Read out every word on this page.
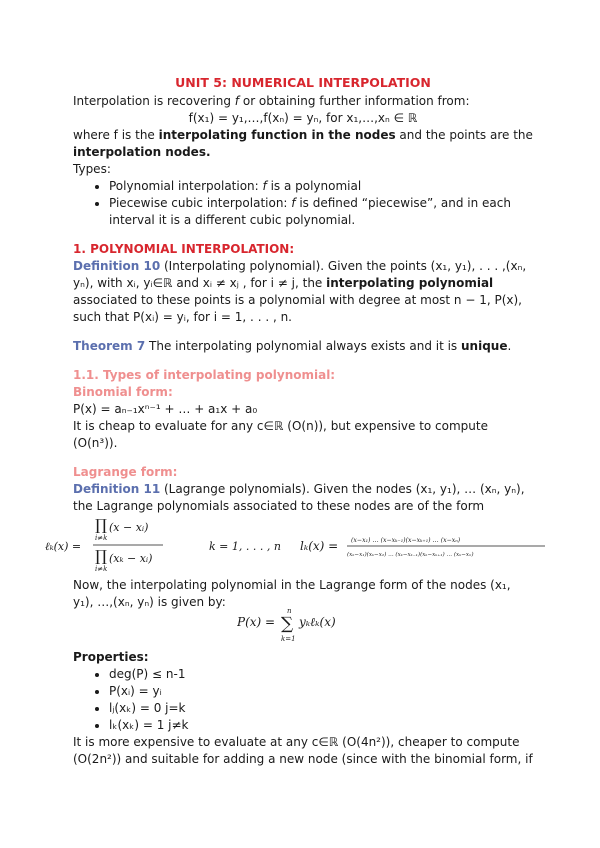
UNIT 5: NUMERICAL INTERPOLATION

Interpolation is recovering f or obtaining further information from:

f(x₁) = y₁,…,f(xₙ) = yₙ, for x₁,…,xₙ ∈ ℝ

where f is the interpolating function in the nodes and the points are the

interpolation nodes.

Types:

• Polynomial interpolation: f is a polynomial
• Piecewise cubic interpolation: f is defined “piecewise”, and in each interval it is a different cubic polynomial.

1. POLYNOMIAL INTERPOLATION:

Definition 10 (Interpolating polynomial). Given the points (x₁, y₁), . . . ,(xₙ, yₙ), with xᵢ, yᵢ∈ℝ and xᵢ ≠ xⱼ , for i ≠ j, the interpolating polynomial associated to these points is a polynomial with degree at most n − 1, P(x), such that P(xᵢ) = yᵢ, for i = 1, . . . , n.

Theorem 7 The interpolating polynomial always exists and it is unique.

1.1. Types of interpolating polynomial:

Binomial form:

P(x) = aₙ₋₁xⁿ⁻¹ + … + a₁x + a₀

It is cheap to evaluate for any c∈ℝ (O(n)), but expensive to compute (O(n³)).

Lagrange form:

Definition 11 (Lagrange polynomials). Given the nodes (x₁, y₁), … (xₙ, yₙ), the Lagrange polynomials associated to these nodes are of the form

ℓₖ(x) =
∏ (x − xᵢ)
i≠k
∏ (xₖ − xᵢ)
i≠k
k = 1, . . . , n lₖ(x) = (x−x₁) … (x−xₖ₋₁)(x−xₖ₊₁) … (x−xₙ)
(xₖ−x₁)(xₖ−x₂) … (xₖ−xₖ₋₁)(xₖ−xₖ₊₁) … (xₖ−xₙ)

Now, the interpolating polynomial in the Lagrange form of the nodes (x₁, y₁), …,(xₙ, yₙ) is given by:

P(x) =
n
∑
k=1
yₖℓₖ(x)

Properties:

• deg(P) ≤ n-1
• P(xᵢ) = yᵢ
• lⱼ(xₖ) = 0 j=k
• lₖ(xₖ) = 1 j≠k

It is more expensive to evaluate at any c∈ℝ (O(4n²)), cheaper to compute (O(2n²)) and suitable for adding a new node (since with the binomial form, if
